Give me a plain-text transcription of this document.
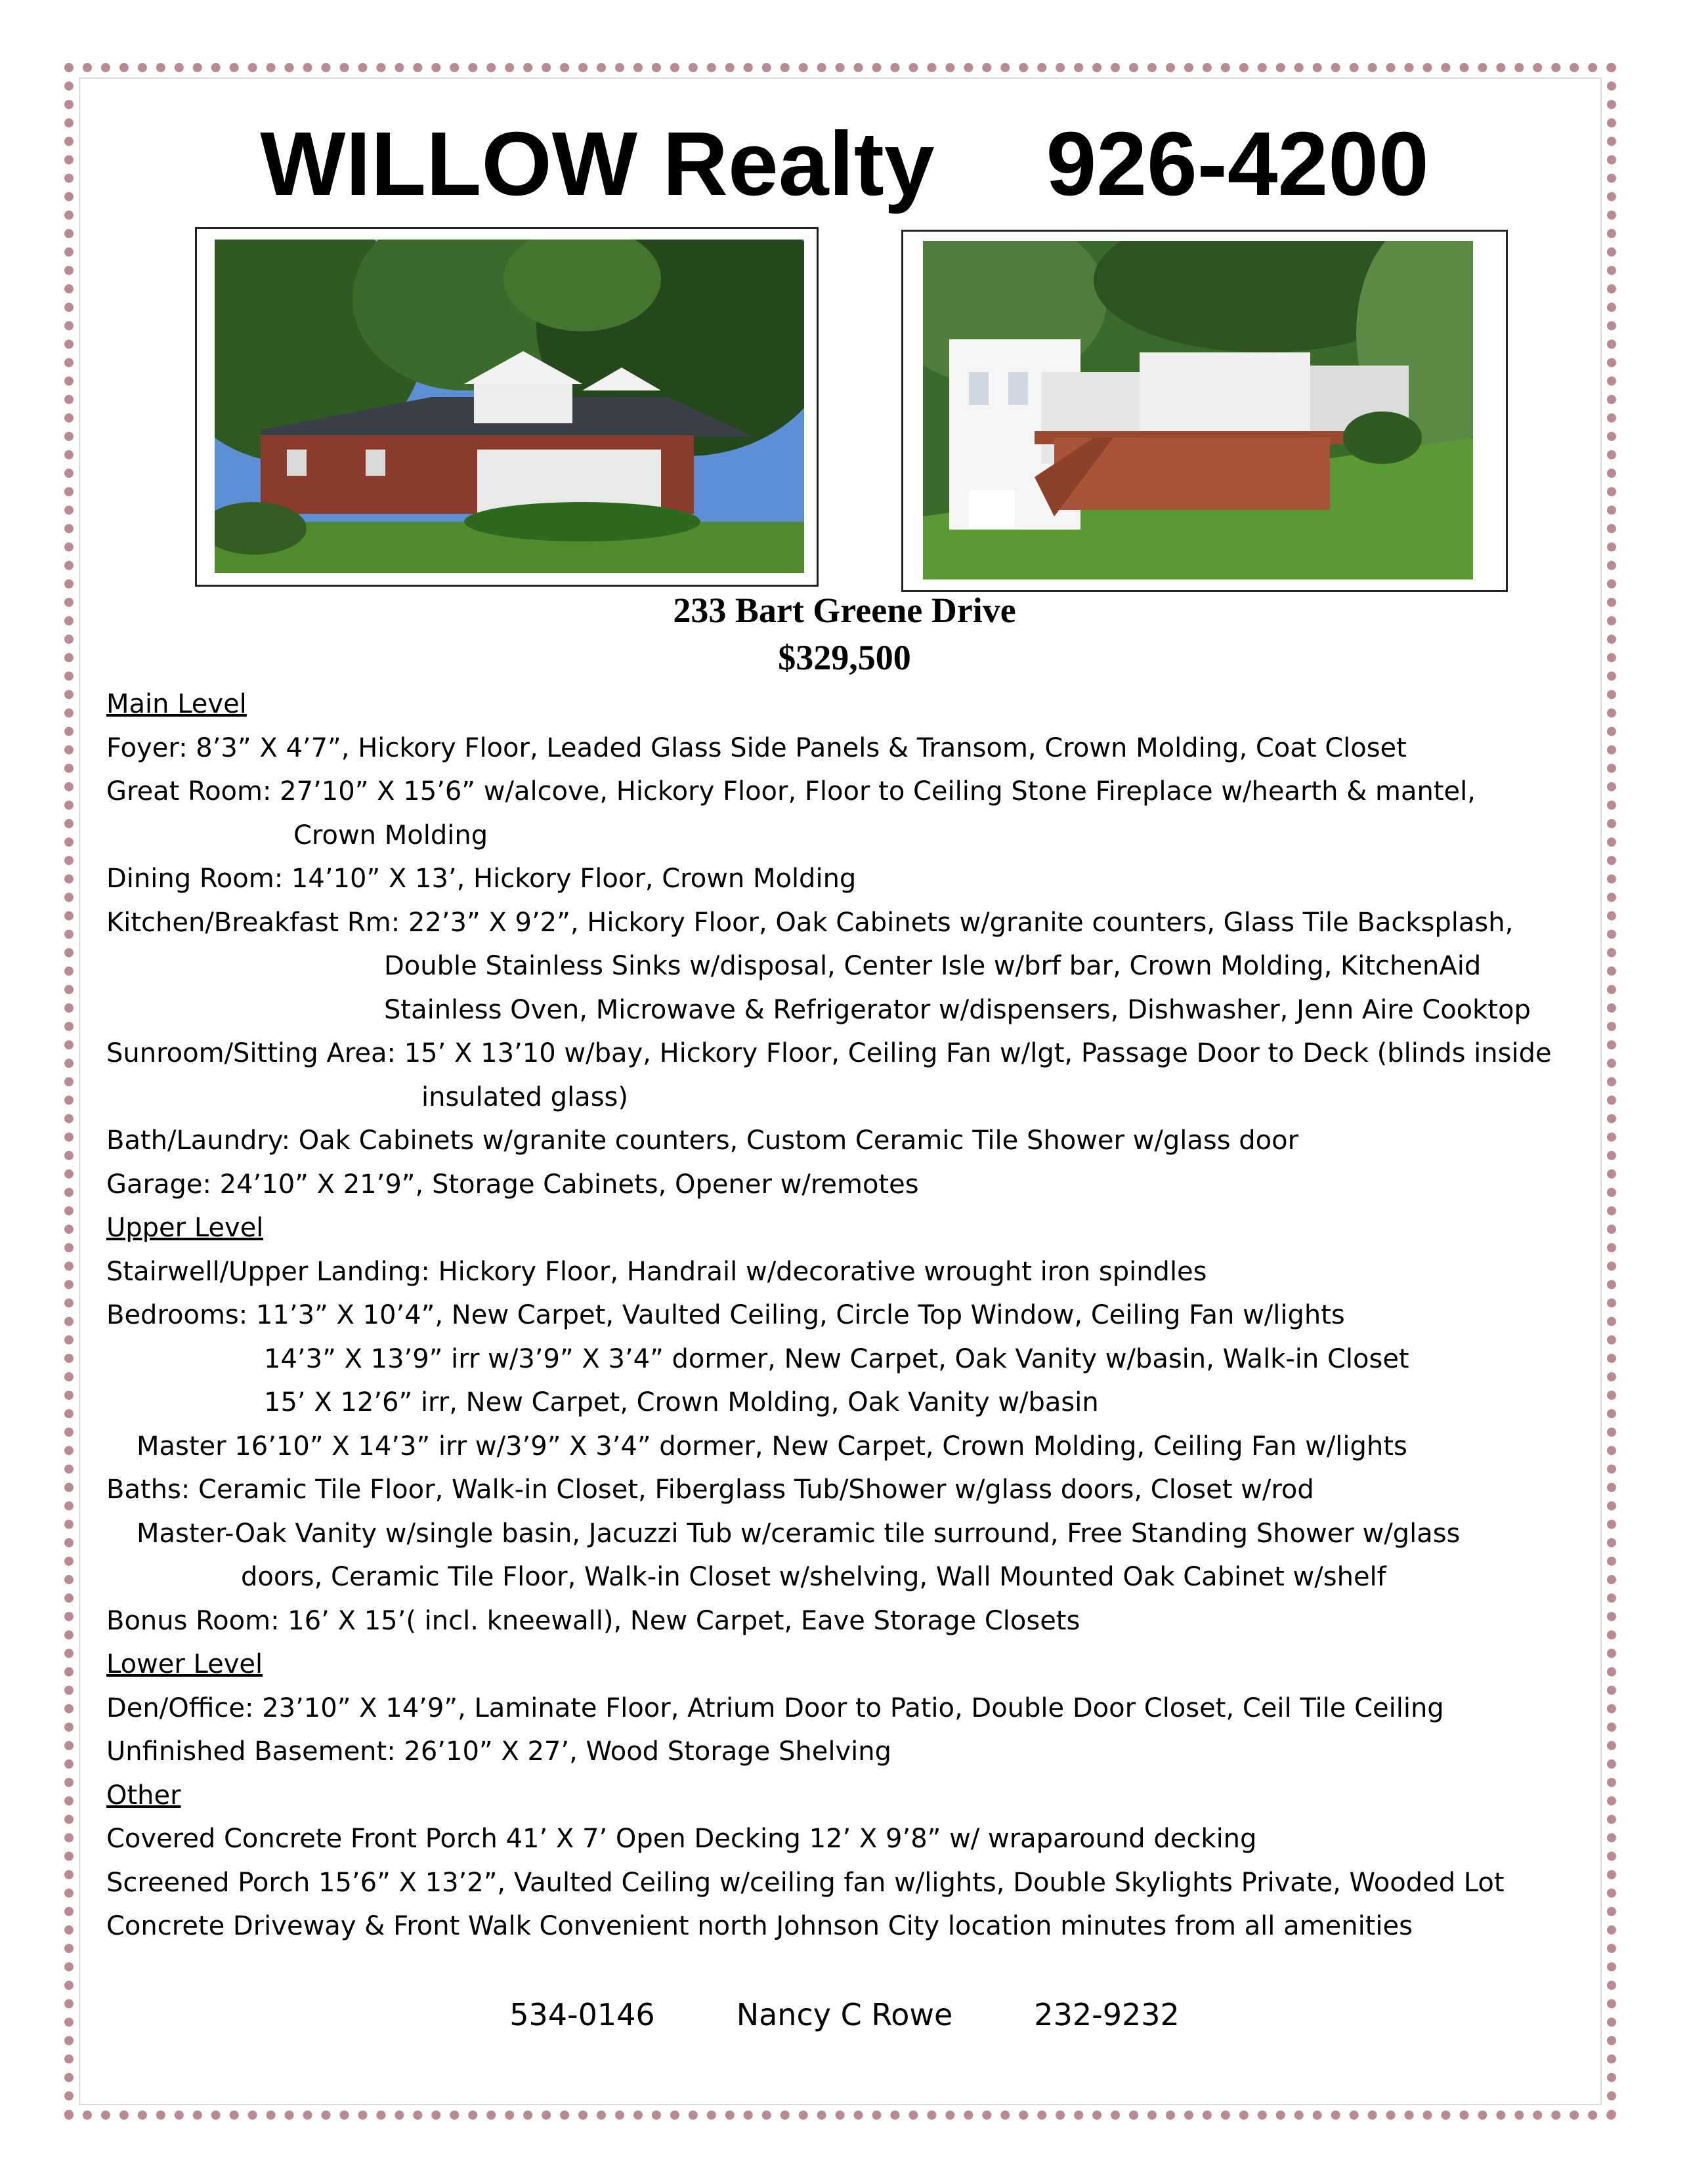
WILLOW Realty 926-4200
233 Bart Greene Drive
$329,500
Main Level
Foyer: 8’3” X 4’7”, Hickory Floor, Leaded Glass Side Panels & Transom, Crown Molding, Coat Closet
Great Room: 27’10” X 15’6” w/alcove, Hickory Floor, Floor to Ceiling Stone Fireplace w/hearth & mantel,
Crown Molding
Dining Room: 14’10” X 13’, Hickory Floor, Crown Molding
Kitchen/Breakfast Rm: 22’3” X 9’2”, Hickory Floor, Oak Cabinets w/granite counters, Glass Tile Backsplash,
Double Stainless Sinks w/disposal, Center Isle w/brf bar, Crown Molding, KitchenAid
Stainless Oven, Microwave & Refrigerator w/dispensers, Dishwasher, Jenn Aire Cooktop
Sunroom/Sitting Area: 15’ X 13’10 w/bay, Hickory Floor, Ceiling Fan w/lgt, Passage Door to Deck (blinds inside
insulated glass)
Bath/Laundry: Oak Cabinets w/granite counters, Custom Ceramic Tile Shower w/glass door
Garage: 24’10” X 21’9”, Storage Cabinets, Opener w/remotes
Upper Level
Stairwell/Upper Landing: Hickory Floor, Handrail w/decorative wrought iron spindles
Bedrooms: 11’3” X 10’4”, New Carpet, Vaulted Ceiling, Circle Top Window, Ceiling Fan w/lights
14’3” X 13’9” irr w/3’9” X 3’4” dormer, New Carpet, Oak Vanity w/basin, Walk-in Closet
15’ X 12’6” irr, New Carpet, Crown Molding, Oak Vanity w/basin
Master 16’10” X 14’3” irr w/3’9” X 3’4” dormer, New Carpet, Crown Molding, Ceiling Fan w/lights
Baths: Ceramic Tile Floor, Walk-in Closet, Fiberglass Tub/Shower w/glass doors, Closet w/rod
Master-Oak Vanity w/single basin, Jacuzzi Tub w/ceramic tile surround, Free Standing Shower w/glass
doors, Ceramic Tile Floor, Walk-in Closet w/shelving, Wall Mounted Oak Cabinet w/shelf
Bonus Room: 16’ X 15’( incl. kneewall), New Carpet, Eave Storage Closets
Lower Level
Den/Office: 23’10” X 14’9”, Laminate Floor, Atrium Door to Patio, Double Door Closet, Ceil Tile Ceiling
Unfinished Basement: 26’10” X 27’, Wood Storage Shelving
Other
Covered Concrete Front Porch 41’ X 7’ Open Decking 12’ X 9’8” w/ wraparound decking
Screened Porch 15’6” X 13’2”, Vaulted Ceiling w/ceiling fan w/lights, Double Skylights Private, Wooded Lot
Concrete Driveway & Front Walk Convenient north Johnson City location minutes from all amenities
534-0146	Nancy C Rowe	232-9232
